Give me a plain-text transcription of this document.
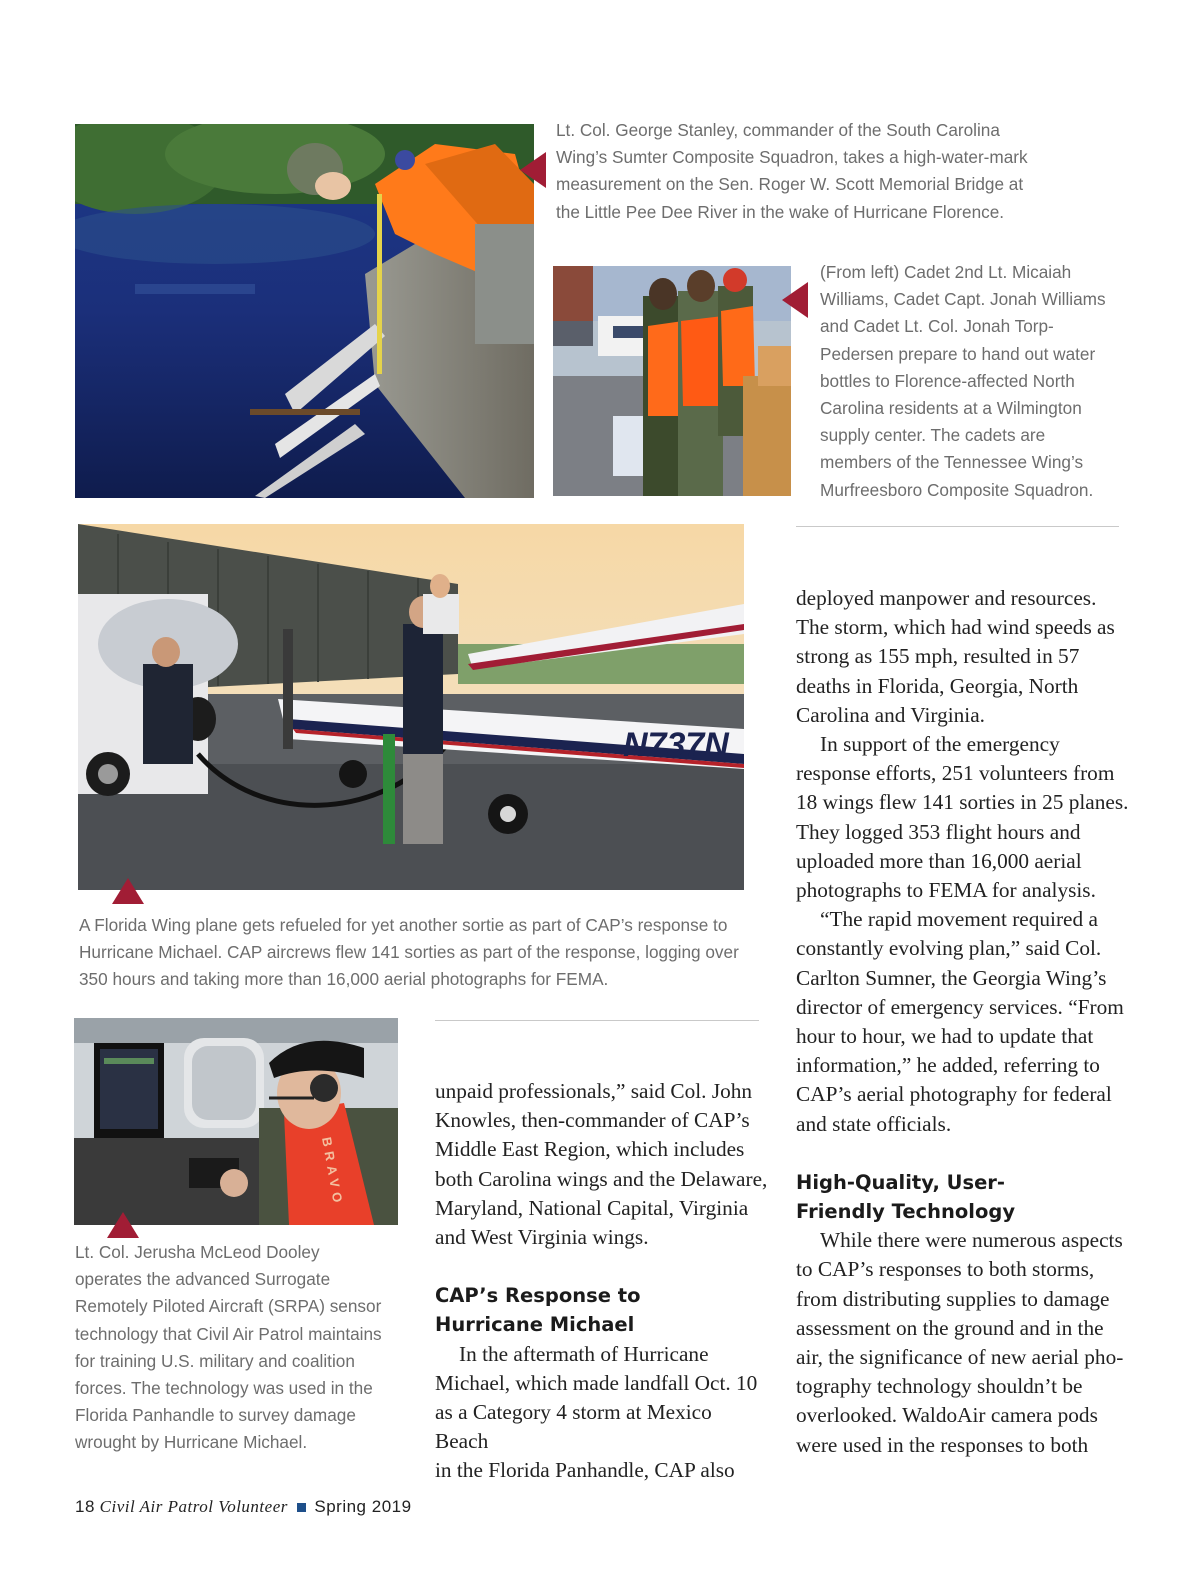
Lt. Col. George Stanley, commander of the South Carolina

Wing’s Sumter Composite Squadron, takes a high-water-mark

measurement on the Sen. Roger W. Scott Memorial Bridge at

the Little Pee Dee River in the wake of Hurricane Florence.

(From left) Cadet 2nd Lt. Micaiah

Williams, Cadet Capt. Jonah Williams

and Cadet Lt. Col. Jonah Torp-

Pedersen prepare to hand out water

bottles to Florence-affected North

Carolina residents at a Wilmington

supply center. The cadets are

members of the Tennessee Wing’s

Murfreesboro Composite Squadron.

N737N

A Florida Wing plane gets refueled for yet another sortie as part of CAP’s response to

Hurricane Michael. CAP aircrews flew 141 sorties as part of the response, logging over

350 hours and taking more than 16,000 aerial photographs for FEMA.

BRAVO

Lt. Col. Jerusha McLeod Dooley

operates the advanced Surrogate

Remotely Piloted Aircraft (SRPA) sensor

technology that Civil Air Patrol maintains

for training U.S. military and coalition

forces. The technology was used in the

Florida Panhandle to survey damage

wrought by Hurricane Michael.

unpaid professionals,” said Col. John

Knowles, then-commander of CAP’s

Middle East Region, which includes

both Carolina wings and the Delaware,

Maryland, National Capital, Virginia

and West Virginia wings.

CAP’s Response to

Hurricane Michael

In the aftermath of Hurricane

Michael, which made landfall Oct. 10

as a Category 4 storm at Mexico Beach

in the Florida Panhandle, CAP also

deployed manpower and resources.

The storm, which had wind speeds as

strong as 155 mph, resulted in 57

deaths in Florida, Georgia, North

Carolina and Virginia.

In support of the emergency

response efforts, 251 volunteers from

18 wings flew 141 sorties in 25 planes.

They logged 353 flight hours and

uploaded more than 16,000 aerial

photographs to FEMA for analysis.

“The rapid movement required a

constantly evolving plan,” said Col.

Carlton Sumner, the Georgia Wing’s

director of emergency services. “From

hour to hour, we had to update that

information,” he added, referring to

CAP’s aerial photography for federal

and state officials.

High-Quality, User-

Friendly Technology

While there were numerous aspects

to CAP’s responses to both storms,

from distributing supplies to damage

assessment on the ground and in the

air, the significance of new aerial pho-

tography technology shouldn’t be

overlooked. WaldoAir camera pods

were used in the responses to both

18 Civil Air Patrol Volunteer Spring 2019
